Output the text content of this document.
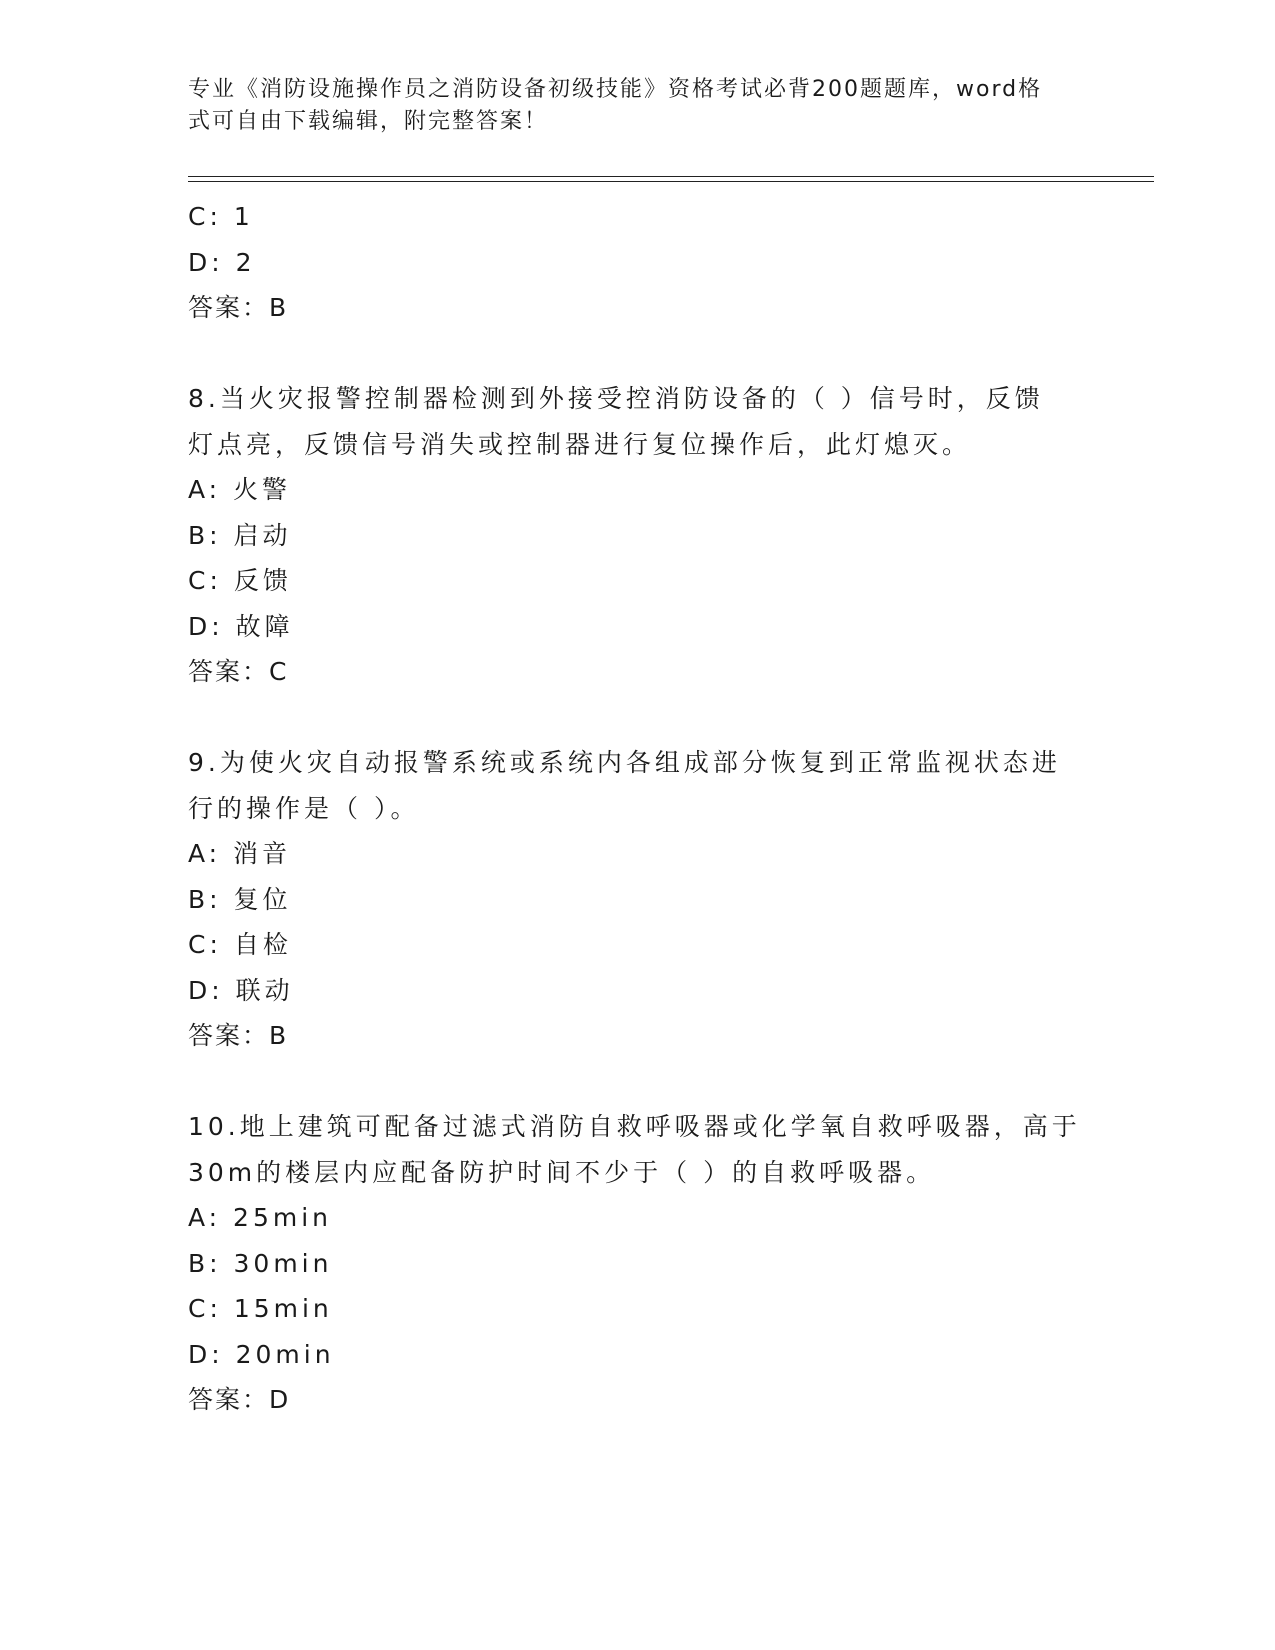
专业《消防设施操作员之消防设备初级技能》资格考试必背200题题库，word格
式可自由下载编辑，附完整答案！
C: 1
D: 2
答案：B
8.当火灾报警控制器检测到外接受控消防设备的（ ）信号时，反馈
灯点亮，反馈信号消失或控制器进行复位操作后，此灯熄灭。
A: 火警
B: 启动
C: 反馈
D: 故障
答案：C
9.为使火灾自动报警系统或系统内各组成部分恢复到正常监视状态进
行的操作是（ ）。
A: 消音
B: 复位
C: 自检
D: 联动
答案：B
10.地上建筑可配备过滤式消防自救呼吸器或化学氧自救呼吸器，高于
30m的楼层内应配备防护时间不少于（ ）的自救呼吸器。
A: 25min
B: 30min
C: 15min
D: 20min
答案：D
